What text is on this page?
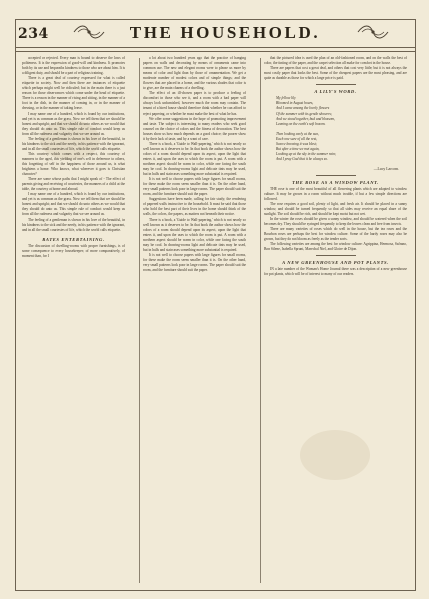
234	THE HOUSEHOLD.

accepted or rejected. Every man is bound to observe the laws of politeness. It is the expression of good-will and kindness. It promotes both by its use and bequeaths kindness to those who are about him. It is a diligent duty, and should be a part of religious training.

There is a great deal of courtesy expressed for what is called etiquette in society. Now and then there are instances of etiquette which perhaps might well be ridiculed; but in the main there is a just reason for those observances which come under the head of etiquette. There is a reason in the manner of rising and sitting, in the manner of a foot in the dish, in the manner of coming in, or in the manner of dressing, or in the manner of taking leave.

I may name one of a hundred, which is found by our institutions, and yet is as common as the grass. Now we tell them that we should be honest and upright; and that we should do unto others as we would that they should do unto us. This simple rule of conduct would keep us from all the rudeness and vulgarity that we see around us.

The feeling of a gentleman is shown in his love of the beautiful, in his kindness to the sick and the needy, in his patience with the ignorant, and in all the small courtesies of life, which the world calls etiquette.

This courtesy which comes with a respect, this courtesy of manners to the aged, this yielding of one's self in deference to others, this forgetting of self in the happiness of those around us, is what brightens a home. Who knows, what wherever it goes is Christian character?

There are some whose paths that I might speak of - The effect of parents giving and receiving of courtesies, the manners of a child at the table, the courtesy at home and abroad.

I may name one of a hundred, which is found by our institutions, and yet is as common as the grass. Now we tell them that we should be honest and upright; and that we should do unto others as we would that they should do unto us. This simple rule of conduct would keep us from all the rudeness and vulgarity that we see around us.

The feeling of a gentleman is shown in his love of the beautiful, in his kindness to the sick and the needy, in his patience with the ignorant, and in all the small courtesies of life, which the world calls etiquette.

RATES ENTERTAINING.

The discussion of dwelling-rooms with proper furnishings, is of some consequence to every housekeeper; of more comparatively, of moment than, for I

a lot about two hundred years ago that the practice of hanging papers on walls and decorating by means of ornaments came into common use. The new and elegant rooms were to please us more by means of color and light than by those of ornamentation. We get a moderate number of modest colors and of simple things; and the flowers that are placed in a home, and the various shades that color is to give, are the main charms of a dwelling.

The effect of an ill-chosen paper is to produce a feeling of discomfort in those who see it, and a room with a bad paper will always look unfurnished, however much the room may contain. The tenant of a hired house should therefore think whether he can afford to reject papering, or whether he must make the best of what he has.

We offer some suggestions in the hope of promoting improvement and taste. The subject is interesting to many readers who seek good counsel on the choice of colors and the fitness of decoration. The best houses show us how much depends on a good choice; the poorer show it by their lack of taste, and by a want of care.

There is a book, a 'Guide to Wall-papering,' which is not nearly so well known as it deserves to be. In that book the author shows how the colors of a room should depend upon its aspect, upon the light that enters it, and upon the uses to which the room is put. A room with a northern aspect should be warm in color, while one facing the south may be cool. In drawing-rooms light and delicate tints may be used, but in halls and staircases something more substantial is required.

It is not well to choose papers with large figures for small rooms, for these make the room seem smaller than it is. On the other hand, very small patterns look poor in large rooms. The paper should suit the room, and the furniture should suit the paper.

Suggestions have been made, calling for fair study; the rendering of papered walls instructive to the household. It must be said that those who hold the best part of their lives in the home should think of the walls, the colors, the papers, as matters not beneath their notice.

There is a book, a 'Guide to Wall-papering,' which is not nearly so well known as it deserves to be. In that book the author shows how the colors of a room should depend upon its aspect, upon the light that enters it, and upon the uses to which the room is put. A room with a northern aspect should be warm in color, while one facing the south may be cool. In drawing-rooms light and delicate tints may be used, but in halls and staircases something more substantial is required.

It is not well to choose papers with large figures for small rooms, for these make the room seem smaller than it is. On the other hand, very small patterns look poor in large rooms. The paper should suit the room, and the furniture should suit the paper.

that the pictured idea is used the plan of an old-fashioned room, and on the walls the best of color, the tinting of the paper, and the carpet selection all make for comfort in the house.

There are papers that cost a great deal, and others that cost very little; but it is not always the most costly paper that looks the best. Some of the cheapest papers are the most pleasing, and are quite as durable as those for which a large price is paid.

A LILY'S WORD.
My fellow lily
Bloomed in August hours,
And I came among the lovely flowers
Of the summer with its gentle showers;
And we stood together, bud and blossom,
Leaning on the earth's soft bosom.

Then looking early at the sun,
Each one sure of all the rest,
Scarce knowing it was blest;
But after a time we met again,
Looking up at the sky in the summer rain;
And I pray God that it be always so.
—Lucy Larcom.
THE ROSE AS A WINDOW PLANT.

THE rose is one of the most beautiful of all flowering plants which are adapted to window culture. It may be grown in a room without much trouble, if but a few simple directions are followed.

The rose requires a good soil, plenty of light, and fresh air. It should be placed in a sunny window, and should be turned frequently so that all sides may receive an equal share of the sunlight. The soil should be rich, and should be kept moist but not wet.

In the winter the roses should be given a sunny window, and should be watered when the soil becomes dry. They should be syringed frequently to keep the leaves clean and free from insects.

There are many varieties of roses which do well in the house, but the tea roses and the Bourbon roses are perhaps the best for window culture. Some of the hardy roses may also be grown, but they do not bloom as freely as the tender sorts.

The following varieties are among the best for window culture: Agrippina, Hermosa, Safrano, Bon Silene, Isabella Sprunt, Marechal Niel, and Gloire de Dijon.

A NEW GREENHOUSE AND POT PLANTS.

IN a late number of the Woman's Home Journal there was a description of a new greenhouse for pot plants, which will be of interest to many of our readers.
